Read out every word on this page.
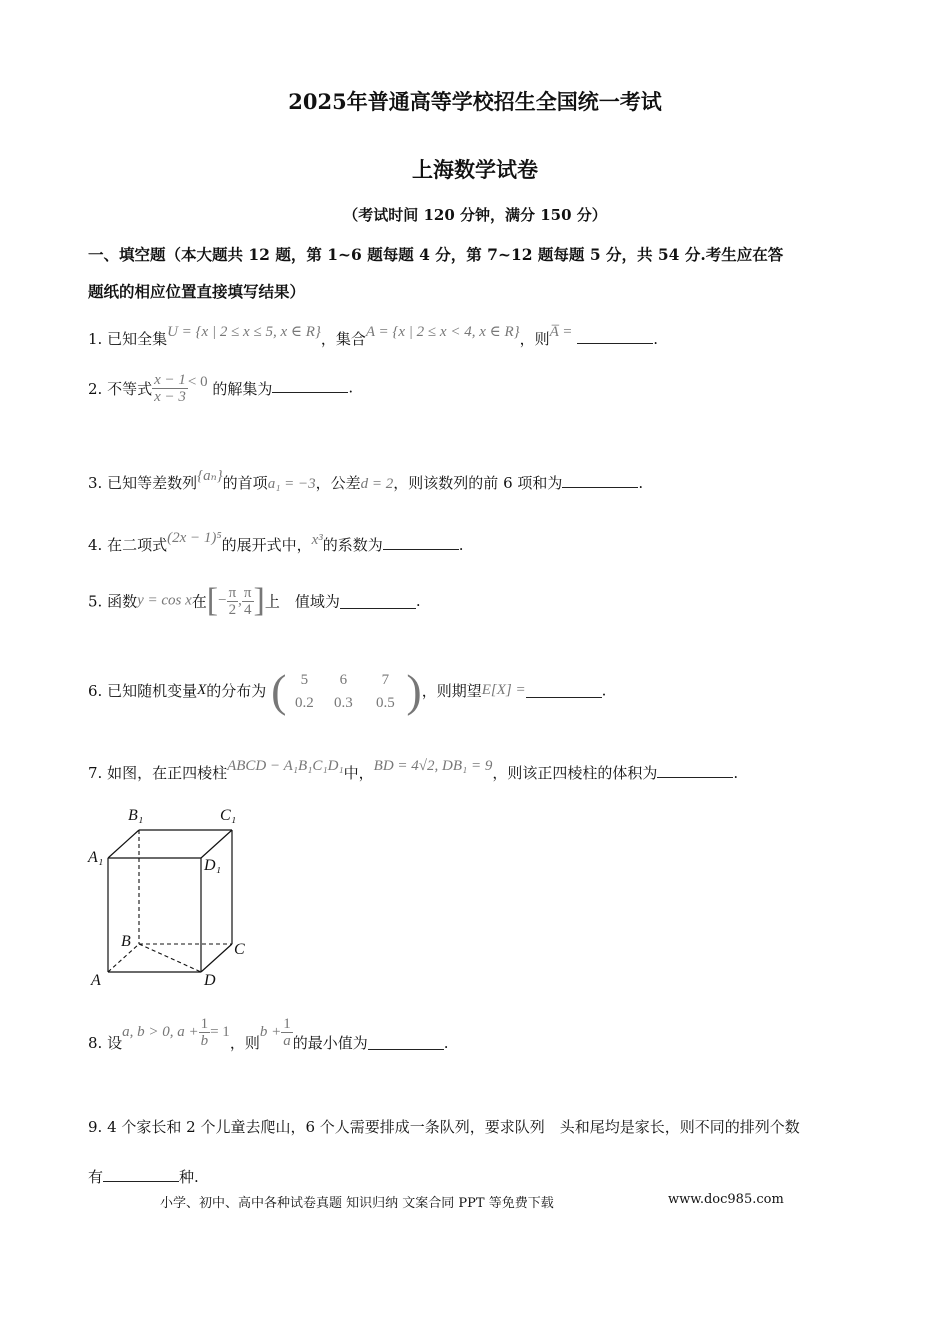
2025年普通高等学校招生全国统一考试
上海数学试卷
（考试时间 120 分钟，满分 150 分）
一、填空题（本大题共 12 题，第 1~6 题每题 4 分，第 7~12 题每题 5 分，共 54 分.考生应在答
题纸的相应位置直接填写结果）
1. 已知全集U = {x | 2 ≤ x ≤ 5, x ∈ R}，集合A = {x | 2 ≤ x < 4, x ∈ R}，则A̅ =	.
2. 不等式 $\frac{x - 1}{x - 3} < 0$ 的解集为	.
3. 已知等差数列{aₙ}的首项a₁ = −3，公差d = 2，则该数列的前 6 项和为	.
4. 在二项式(2x − 1)⁵的展开式中，x³的系数为	.
5. 函数y = cos x在[− $\frac{\pi}{2}$ , $\frac{\pi}{4}$ ]上　值域为	.
6. 已知随机变量X的分布为 ( 5 6 7
0.2 0.3 0.5 )，则期望E[X] =	.
7. 如图，在正四棱柱ABCD − A₁B₁C₁D₁中，BD = 4√2, DB₁ = 9，则该正四棱柱的体积为	.
B₁	C₁
A₁	D₁
B	C
A	D
8. 设a, b > 0, $a + \frac{1}{b} = 1$，则$b + \frac{1}{a}$ 的最小值为	.
9. 4 个家长和 2 个儿童去爬山，6 个人需要排成一条队列，要求队列　头和尾均是家长，则不同的排列个数
有	种.
小学、初中、高中各种试卷真题 知识归纳 文案合同 PPT 等免费下载	www.doc985.com
